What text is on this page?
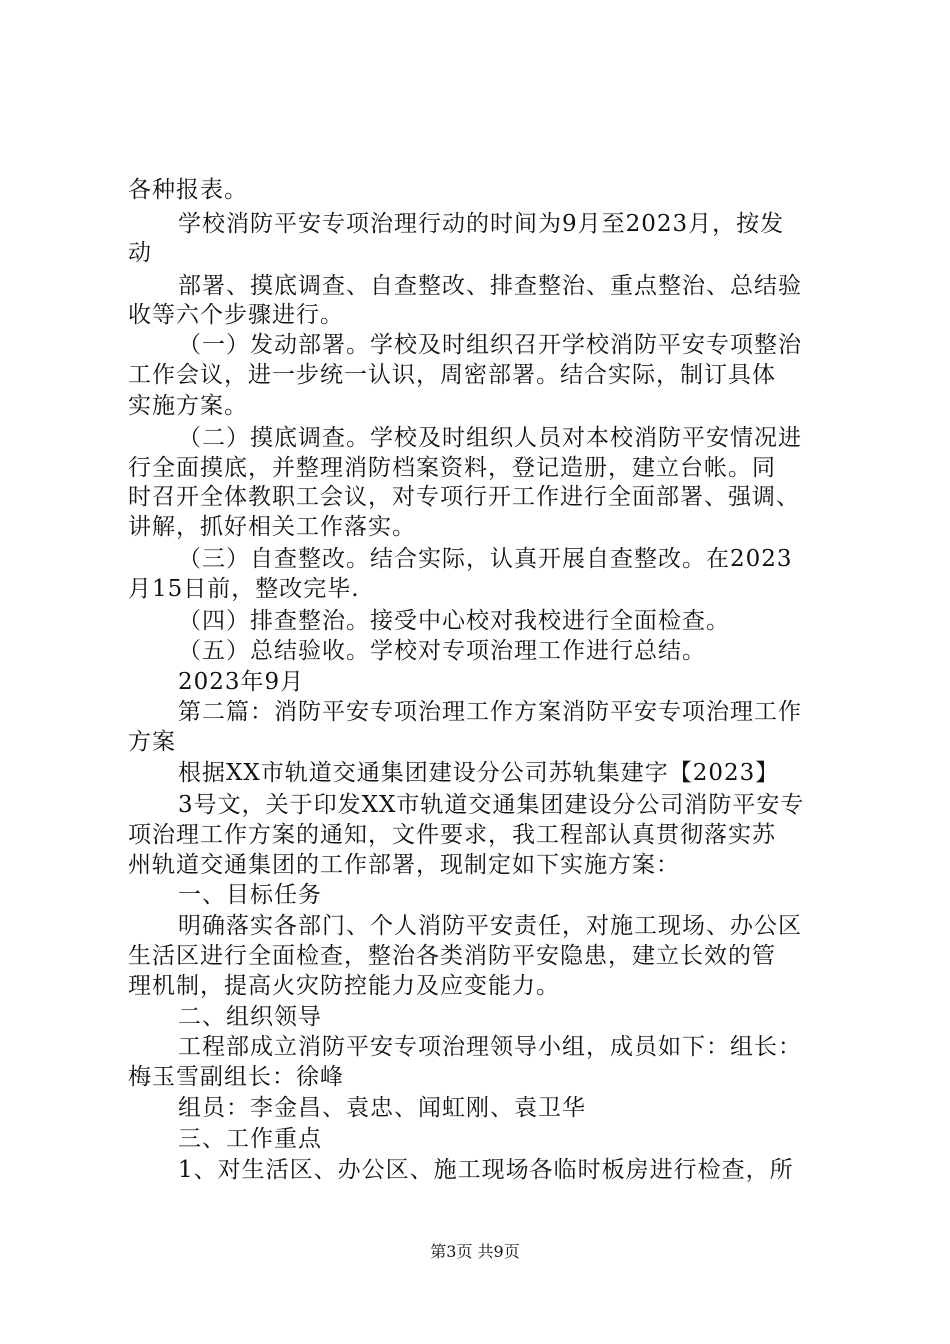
各种报表。
学校消防平安专项治理行动的时间为9月至2023月，按发
动
部署、摸底调查、自查整改、排查整治、重点整治、总结验
收等六个步骤进行。
（一）发动部署。学校及时组织召开学校消防平安专项整治
工作会议，进一步统一认识，周密部署。结合实际，制订具体
实施方案。
（二）摸底调查。学校及时组织人员对本校消防平安情况进
行全面摸底，并整理消防档案资料，登记造册，建立台帐。同
时召开全体教职工会议，对专项行开工作进行全面部署、强调、
讲解，抓好相关工作落实。
（三）自查整改。结合实际，认真开展自查整改。在2023
月15日前，整改完毕.
（四）排查整治。接受中心校对我校进行全面检查。
（五）总结验收。学校对专项治理工作进行总结。
2023年9月
第二篇：消防平安专项治理工作方案消防平安专项治理工作
方案
根据XX市轨道交通集团建设分公司苏轨集建字【2023】
3号文，关于印发XX市轨道交通集团建设分公司消防平安专
项治理工作方案的通知，文件要求，我工程部认真贯彻落实苏
州轨道交通集团的工作部署，现制定如下实施方案：
一、目标任务
明确落实各部门、个人消防平安责任，对施工现场、办公区
生活区进行全面检查，整治各类消防平安隐患，建立长效的管
理机制，提高火灾防控能力及应变能力。
二、组织领导
工程部成立消防平安专项治理领导小组，成员如下：组长：
梅玉雪副组长：徐峰
组员：李金昌、袁忠、闻虹刚、袁卫华
三、工作重点
1、对生活区、办公区、施工现场各临时板房进行检查，所
第3页 共9页
